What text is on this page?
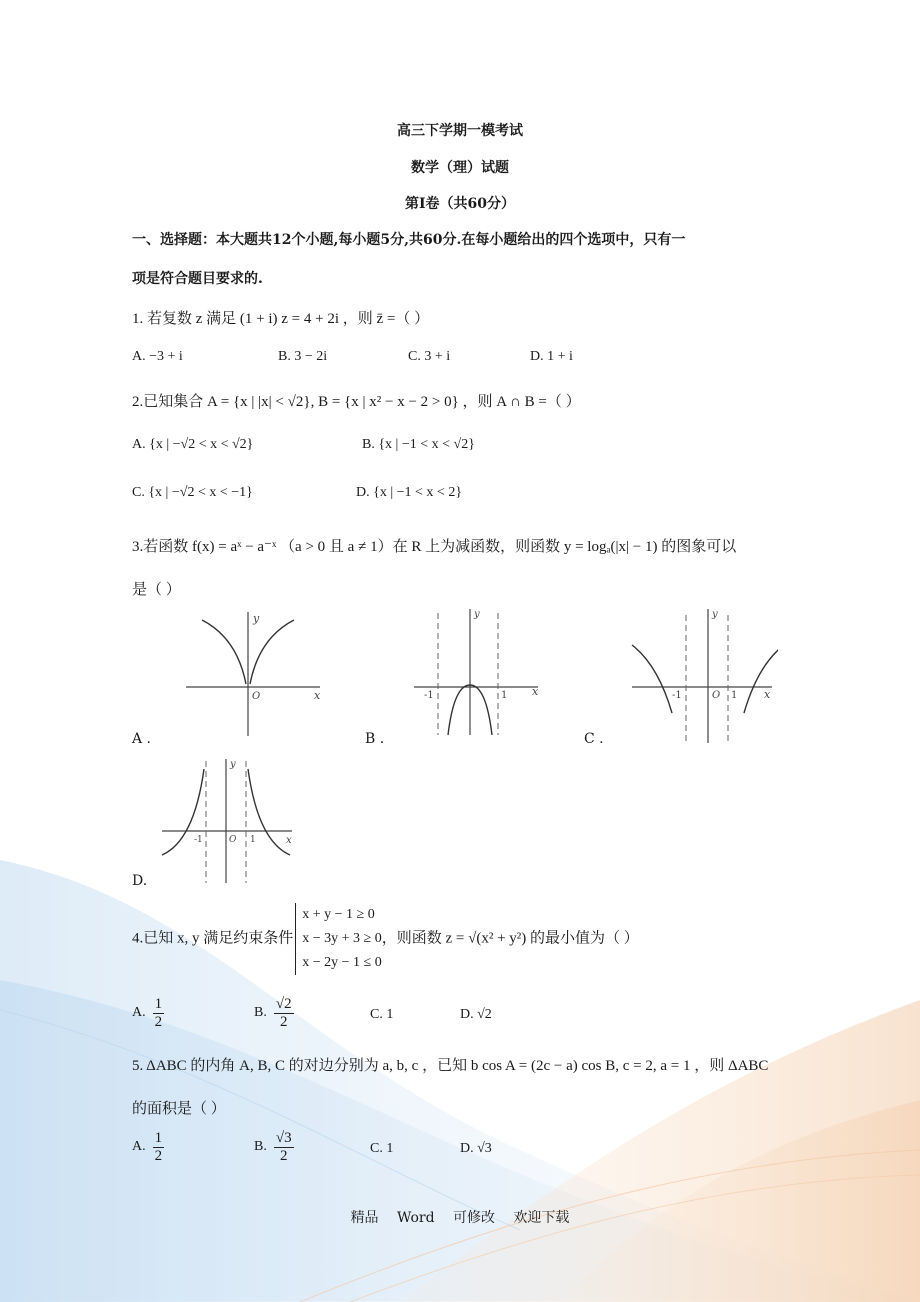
高三下学期一模考试
数学（理）试题
第Ⅰ卷（共60分）
一、选择题：本大题共12个小题,每小题5分,共60分.在每小题给出的四个选项中，只有一
项是符合题目要求的.
1. 若复数 z 满足 (1 + i) z = 4 + 2i ，则 z̄ =（ ）
A. −3 + i	B. 3 − 2i	C. 3 + i	D. 1 + i
2.已知集合 A = {x | |x| < √2}, B = {x | x² − x − 2 > 0} ，则 A ∩ B =（ ）
A. {x | −√2 < x < √2}	B. {x | −1 < x < √2}
C. {x | −√2 < x < −1}	D. {x | −1 < x < 2}
3.若函数 f(x) = aˣ − a⁻ˣ （a > 0 且 a ≠ 1）在 R 上为减函数，则函数 y = logₐ(|x| − 1) 的图象可以
是（ ）
x
y
O
A .
x
y
-1	1
B .
x
y
-1	O 1
C .
x
y
-1	O 1
D.
4.已知 x, y 满足约束条件
x + y − 1 ≥ 0
x − 3y + 3 ≥ 0
x − 2y − 1 ≤ 0
，则函数 z = √(x² + y²) 的最小值为（ ）
A. $\frac{1}{2}$	B. $\frac{√2}{2}$	C. 1	D. √2
5. ΔABC 的内角 A, B, C 的对边分别为 a, b, c ，已知 b cos A = (2c − a) cos B, c = 2, a = 1 ，则 ΔABC
的面积是（ ）
A. $\frac{1}{2}$	B. $\frac{√3}{2}$	C. 1	D. √3
精品 Word 可修改 欢迎下载
